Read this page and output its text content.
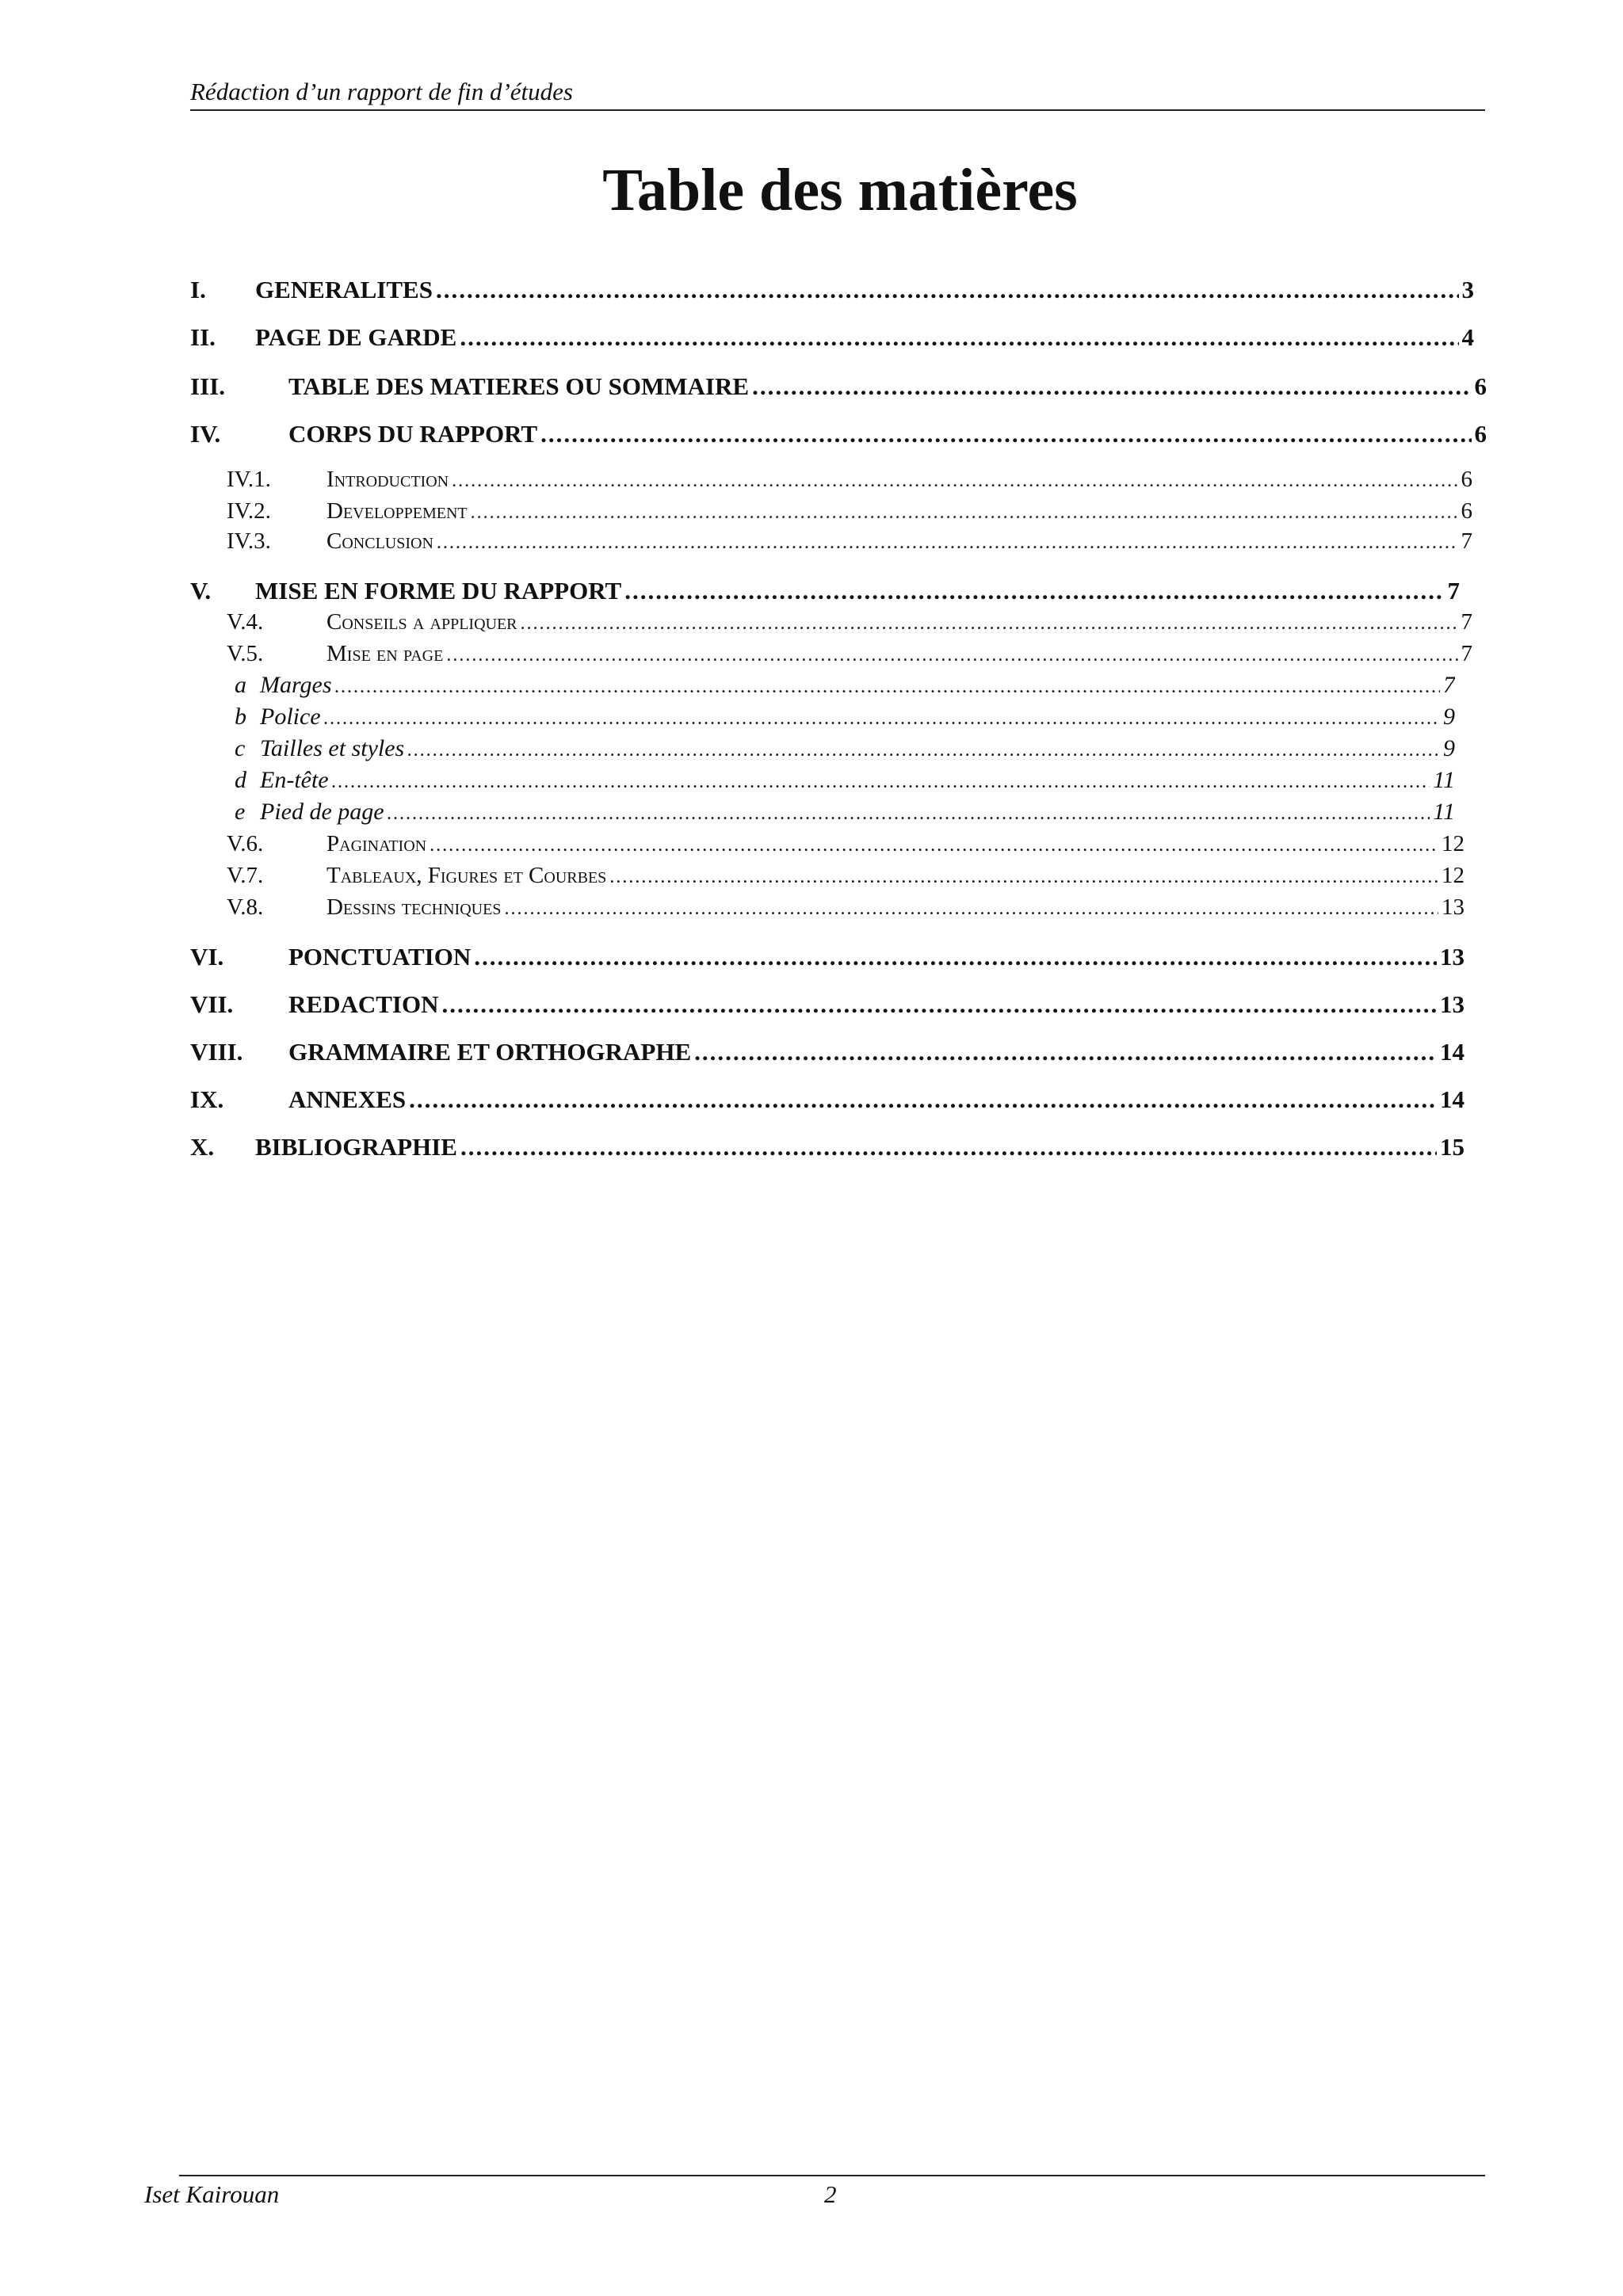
Rédaction d’un rapport de fin d’études
Table des matières
I.	GENERALITES .....	3
II.	PAGE DE GARDE .....	4
III.	TABLE DES MATIERES OU SOMMAIRE .....	6
IV.	CORPS DU RAPPORT .....	6
IV.1.	Introduction .....	6
IV.2.	Developpement .....	6
IV.3.	Conclusion .....	7
V.	MISE EN FORME DU RAPPORT .....	7
V.4.	Conseils a appliquer .....	7
V.5.	Mise en page .....	7
a Marges .....	7
b Police .....	9
c Tailles et styles .....	9
d En-tête .....	11
e Pied de page .....	11
V.6.	Pagination .....	12
V.7.	Tableaux, Figures et Courbes .....	12
V.8.	Dessins techniques .....	13
VI.	PONCTUATION .....	13
VII.	REDACTION .....	13
VIII.	GRAMMAIRE ET ORTHOGRAPHE .....	14
IX.	ANNEXES .....	14
X.	BIBLIOGRAPHIE .....	15
Iset Kairouan	2
